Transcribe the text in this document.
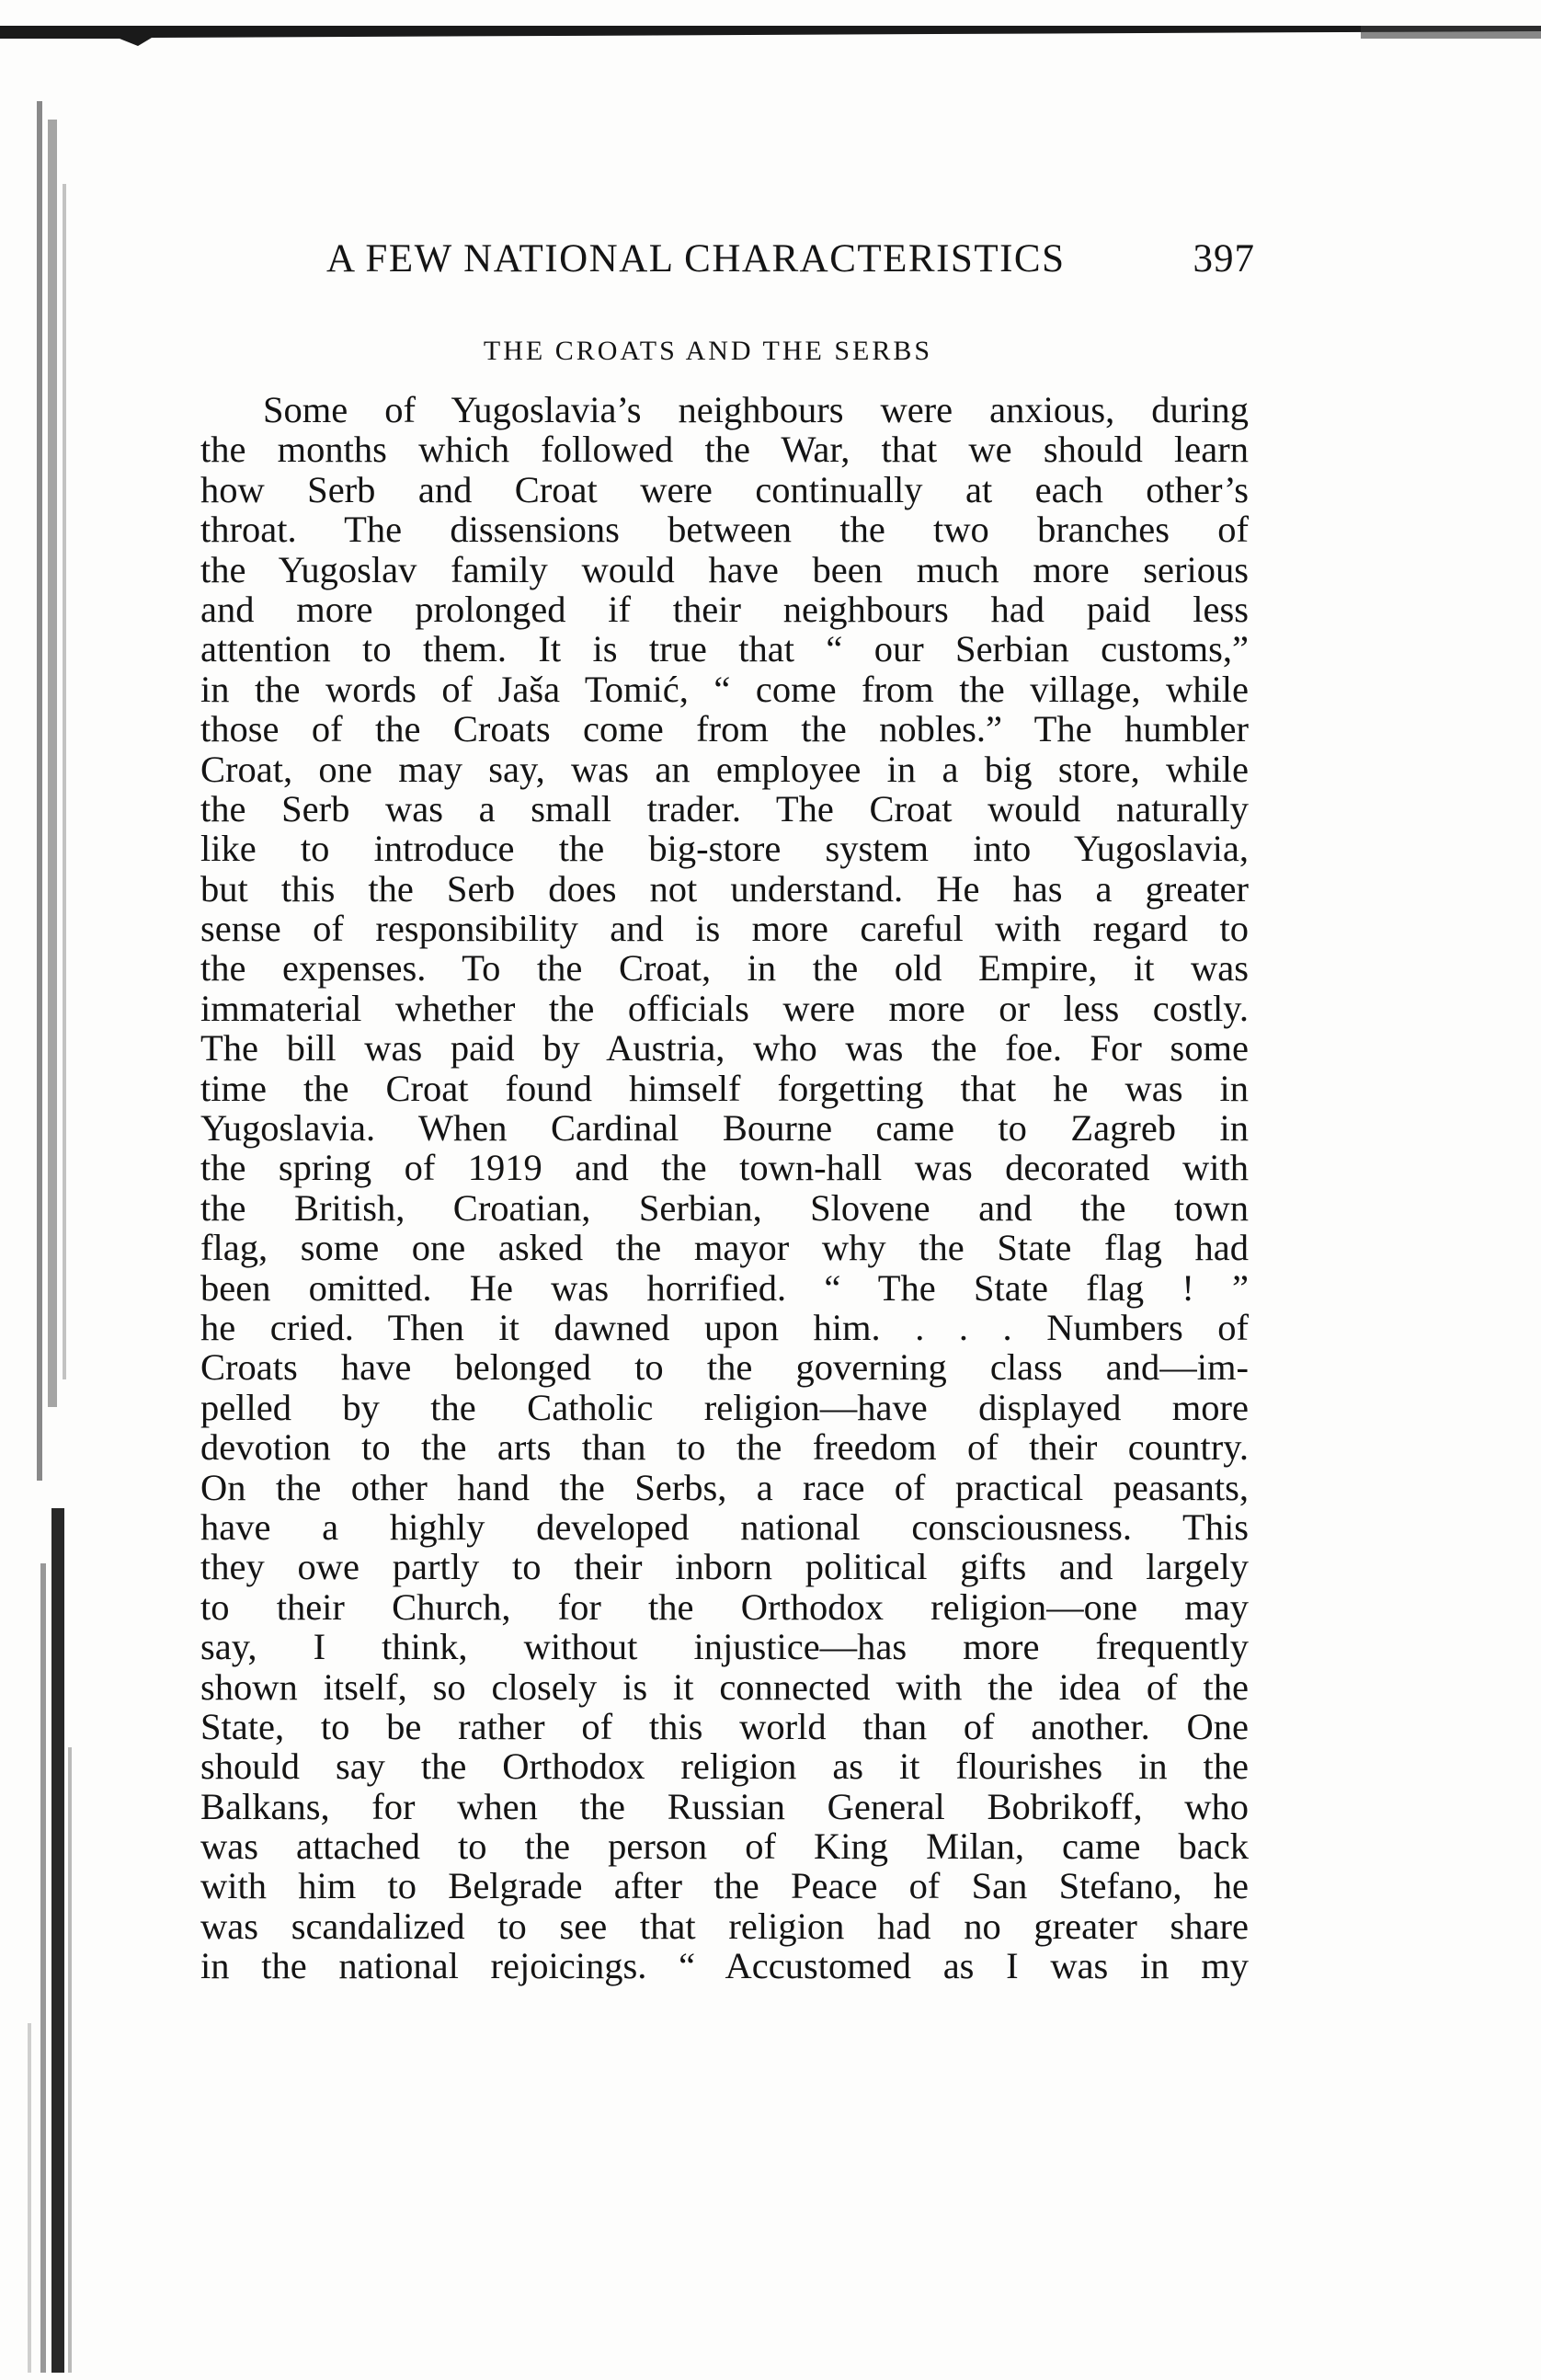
A FEW NATIONAL CHARACTERISTICS	397
THE CROATS AND THE SERBS
Some of Yugoslavia’s neighbours were anxious, during
the months which followed the War, that we should learn
how Serb and Croat were continually at each other’s
throat. The dissensions between the two branches of
the Yugoslav family would have been much more serious
and more prolonged if their neighbours had paid less
attention to them. It is true that “ our Serbian customs,”
in the words of Jaša Tomić, “ come from the village, while
those of the Croats come from the nobles.” The humbler
Croat, one may say, was an employee in a big store, while
the Serb was a small trader. The Croat would naturally
like to introduce the big-store system into Yugoslavia,
but this the Serb does not understand. He has a greater
sense of responsibility and is more careful with regard to
the expenses. To the Croat, in the old Empire, it was
immaterial whether the officials were more or less costly.
The bill was paid by Austria, who was the foe. For some
time the Croat found himself forgetting that he was in
Yugoslavia. When Cardinal Bourne came to Zagreb in
the spring of 1919 and the town-hall was decorated with
the British, Croatian, Serbian, Slovene and the town
flag, some one asked the mayor why the State flag had
been omitted. He was horrified. “ The State flag ! ”
he cried. Then it dawned upon him. . . . Numbers of
Croats have belonged to the governing class and—im-
pelled by the Catholic religion—have displayed more
devotion to the arts than to the freedom of their country.
On the other hand the Serbs, a race of practical peasants,
have a highly developed national consciousness. This
they owe partly to their inborn political gifts and largely
to their Church, for the Orthodox religion—one may
say, I think, without injustice—has more frequently
shown itself, so closely is it connected with the idea of the
State, to be rather of this world than of another. One
should say the Orthodox religion as it flourishes in the
Balkans, for when the Russian General Bobrikoff, who
was attached to the person of King Milan, came back
with him to Belgrade after the Peace of San Stefano, he
was scandalized to see that religion had no greater share
in the national rejoicings. “ Accustomed as I was in my
